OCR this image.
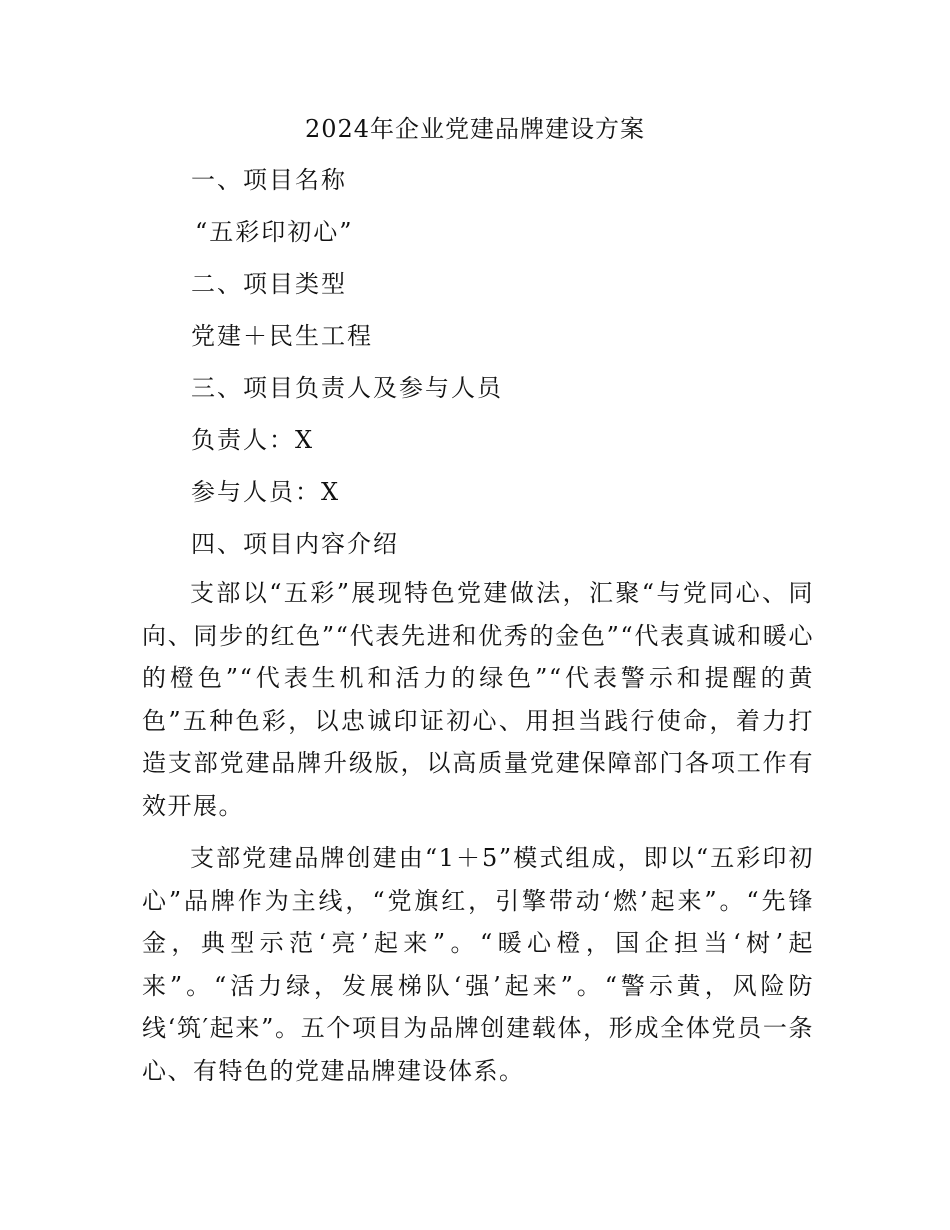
2024年企业党建品牌建设方案
一、项目名称
“五彩印初心”
二、项目类型
党建＋民生工程
三、项目负责人及参与人员
负责人：X
参与人员：X
四、项目内容介绍
支部以“五彩”展现特色党建做法，汇聚“与党同心、同向、同步的红色”“代表先进和优秀的金色”“代表真诚和暖心的橙色”“代表生机和活力的绿色”“代表警示和提醒的黄色”五种色彩，以忠诚印证初心、用担当践行使命，着力打造支部党建品牌升级版，以高质量党建保障部门各项工作有效开展。
支部党建品牌创建由“1＋5”模式组成，即以“五彩印初心”品牌作为主线，“党旗红，引擎带动‘燃’起来”。“先锋金，典型示范‘亮’起来”。“暖心橙，国企担当‘树’起来”。“活力绿，发展梯队‘强’起来”。“警示黄，风险防线‘筑′起来”。五个项目为品牌创建载体，形成全体党员一条心、有特色的党建品牌建设体系。
